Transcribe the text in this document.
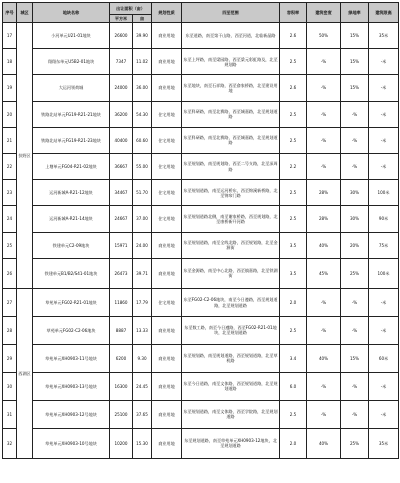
序号	城区	地块名称	出让面积（亩）		规划性质	四至范围	容积率	建筑密度	绿地率	建筑限高
			平方米	亩						
17	扶野区	小河单元U21-01地块	26600	39.90	商业用地	东至道路，南至第干山路，西至河道，北临新晶路	2.6	50%	15%	35米
18		翔翔东单元U5B2-01地块	7347	11.02	商业用地	东至上坪路，南至梁园路，西至梁元彩虹路及，北至规划路	2.5	-%	15%	-米
19		大运河领荷城	24000	36.00	商业用地	东至地块，南至石祥路，西至俞家桥路，北至建设用地	2.6	-%	15%	-米
20		铁路北站单元FG19-R21-21地块	36200	54.30	住宅用地	东至科研路，南至北赛路，西至城嘉路，北至规划道路	2.5	-%	-%	-米
21		铁路北站单元FG19-R21-23地块	40400	60.60	住宅用地	东至科研路，南至北赛路，西至城嘉路，北至规划道路	2.5	-%	-%	-米
22		上塘单元FG04-R21-02地块	36667	55.00	住宅用地	东至规划路，南至规划路，西至二号支路，北至深周路	2.2	-%	-%	-米
23		运河新城A-R21-12地块	34467	51.70	住宅用地	东至规划道路，南至运河桥东，西至锦溪新桥路，北至锦帘门路	2.5	28%	30%	100米
24		运河新城A-R21-14地块	24667	37.00	住宅用地	东至规划道路北侧，南至谢家桥路，西至规划路，北至康桥新开河路	2.5	28%	30%	90米
25		铁建单元C2-09地块	15971	24.00	商业用地	东至规划道路，南至全线北路，西至规划路，北至金源街	3.5	40%	20%	75米
26		铁建单元B1/B2/S41-01地块	26473	39.71	商业用地	东至金源路，南至中心北路，西至镇嘉路，北至铁湖街	3.5	45%	25%	100米
27	西湖区	草苑单元FG02-R21-01地块	11860	17.79	住宅用地	东至FG02-C2-06地块，南至今日遵路，西至规划道路，北至规划道路	2.0	-%	-%	-米
28		草苑单元FG02-C2-06地块	8887	13.33	商业用地	东至数工路，南至今日遵路，西至FG02-R21-01地块，北至规划道路	2.5	-%	-%	-米
29		草苑单元XH0903-11号地块	6200	9.30	商业用地	东至规划路，南至规划道路，西至规划道路，北至草机路	3.4	40%	15%	60米
30		草苑单元XH0903-13号地块	16300	24.45	商业用地	东至今日道路，南至文体路，西至规划道路，北至规划道路	6.0	-%	-%	-米
31		草苑单元XH0903-12号地块	25100	37.65	商业用地	东至规划道路，南至文体路，西至学院路，北至规划道路	2.5	-%	-%	-米
32		草苑单元XH0903-10号地块	10200	15.30	商业用地	东至规划道路，南至草苑单元XH0903-12地块，北至规划道路	2.0	40%	25%	35米
